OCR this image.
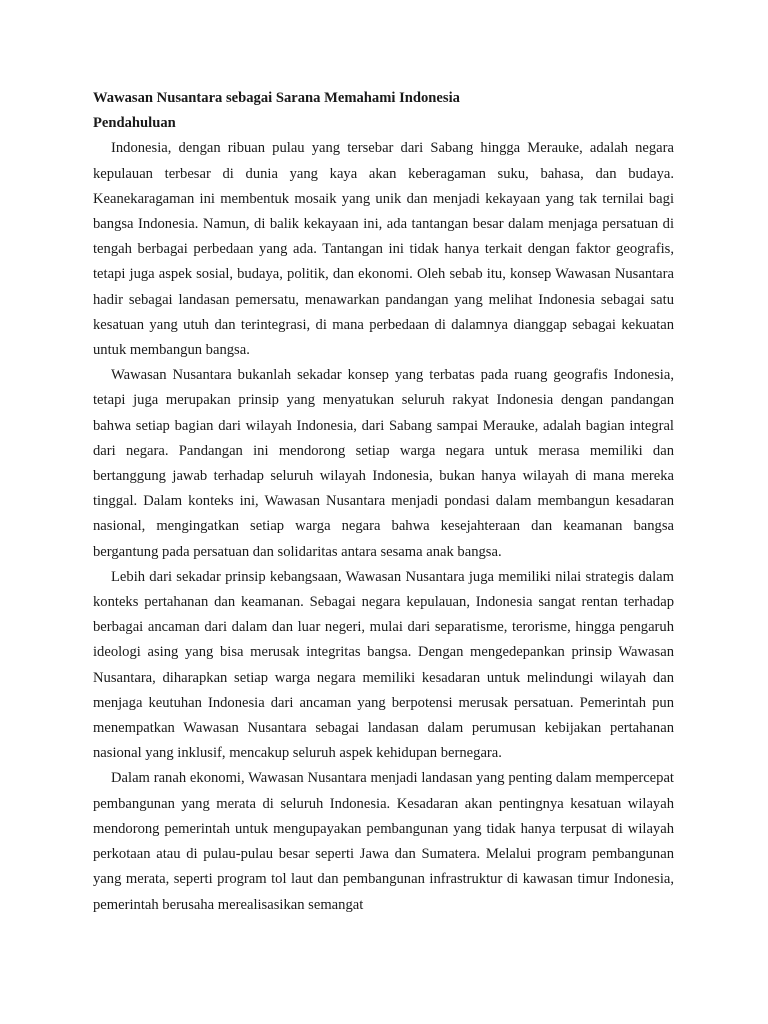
Wawasan Nusantara sebagai Sarana Memahami Indonesia

Pendahuluan

Indonesia, dengan ribuan pulau yang tersebar dari Sabang hingga Merauke, adalah negara kepulauan terbesar di dunia yang kaya akan keberagaman suku, bahasa, dan budaya. Keanekaragaman ini membentuk mosaik yang unik dan menjadi kekayaan yang tak ternilai bagi bangsa Indonesia. Namun, di balik kekayaan ini, ada tantangan besar dalam menjaga persatuan di tengah berbagai perbedaan yang ada. Tantangan ini tidak hanya terkait dengan faktor geografis, tetapi juga aspek sosial, budaya, politik, dan ekonomi. Oleh sebab itu, konsep Wawasan Nusantara hadir sebagai landasan pemersatu, menawarkan pandangan yang melihat Indonesia sebagai satu kesatuan yang utuh dan terintegrasi, di mana perbedaan di dalamnya dianggap sebagai kekuatan untuk membangun bangsa.

Wawasan Nusantara bukanlah sekadar konsep yang terbatas pada ruang geografis Indonesia, tetapi juga merupakan prinsip yang menyatukan seluruh rakyat Indonesia dengan pandangan bahwa setiap bagian dari wilayah Indonesia, dari Sabang sampai Merauke, adalah bagian integral dari negara. Pandangan ini mendorong setiap warga negara untuk merasa memiliki dan bertanggung jawab terhadap seluruh wilayah Indonesia, bukan hanya wilayah di mana mereka tinggal. Dalam konteks ini, Wawasan Nusantara menjadi pondasi dalam membangun kesadaran nasional, mengingatkan setiap warga negara bahwa kesejahteraan dan keamanan bangsa bergantung pada persatuan dan solidaritas antara sesama anak bangsa.

Lebih dari sekadar prinsip kebangsaan, Wawasan Nusantara juga memiliki nilai strategis dalam konteks pertahanan dan keamanan. Sebagai negara kepulauan, Indonesia sangat rentan terhadap berbagai ancaman dari dalam dan luar negeri, mulai dari separatisme, terorisme, hingga pengaruh ideologi asing yang bisa merusak integritas bangsa. Dengan mengedepankan prinsip Wawasan Nusantara, diharapkan setiap warga negara memiliki kesadaran untuk melindungi wilayah dan menjaga keutuhan Indonesia dari ancaman yang berpotensi merusak persatuan. Pemerintah pun menempatkan Wawasan Nusantara sebagai landasan dalam perumusan kebijakan pertahanan nasional yang inklusif, mencakup seluruh aspek kehidupan bernegara.

Dalam ranah ekonomi, Wawasan Nusantara menjadi landasan yang penting dalam mempercepat pembangunan yang merata di seluruh Indonesia. Kesadaran akan pentingnya kesatuan wilayah mendorong pemerintah untuk mengupayakan pembangunan yang tidak hanya terpusat di wilayah perkotaan atau di pulau-pulau besar seperti Jawa dan Sumatera. Melalui program pembangunan yang merata, seperti program tol laut dan pembangunan infrastruktur di kawasan timur Indonesia, pemerintah berusaha merealisasikan semangat
